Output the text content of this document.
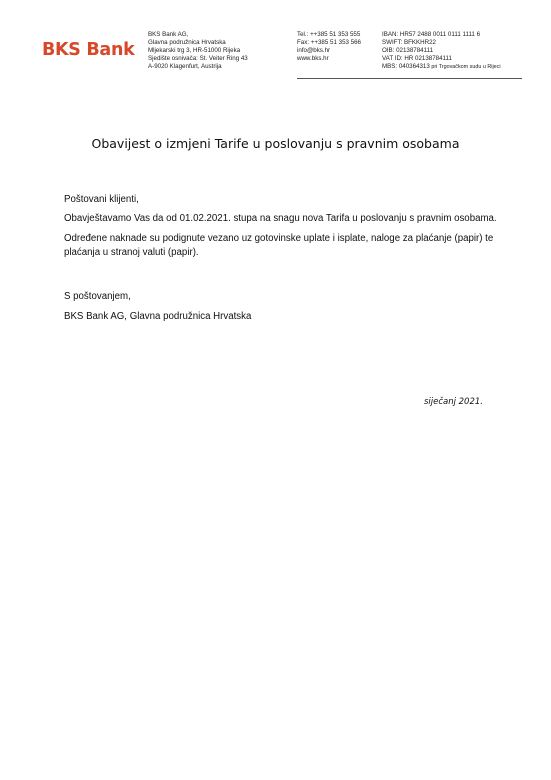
BKS Bank
BKS Bank AG,
Glavna podružnica Hrvatska
Mljekarski trg 3, HR-51000 Rijeka
Sjedište osnivača: St. Veiter Ring 43
A-9020 Klagenfurt, Austrija
Tel.: ++385 51 353 555
Fax: ++385 51 353 566
info@bks.hr
www.bks.hr
IBAN: HR57 2488 0011 0111 1111 6
SWIFT: BFKKHR22
OIB: 02138784111
VAT ID: HR 02138784111
MBS: 040364313 pri Trgovačkom sudu u Rijeci
Obavijest o izmjeni Tarife u poslovanju s pravnim osobama
Poštovani klijenti,
Obavještavamo Vas da od 01.02.2021. stupa na snagu nova Tarifa u poslovanju s pravnim osobama.
Određene naknade su podignute vezano uz gotovinske uplate i isplate, naloge za plaćanje (papir) te plaćanja u stranoj valuti (papir).
S poštovanjem,
BKS Bank AG, Glavna podružnica Hrvatska
siječanj 2021.
